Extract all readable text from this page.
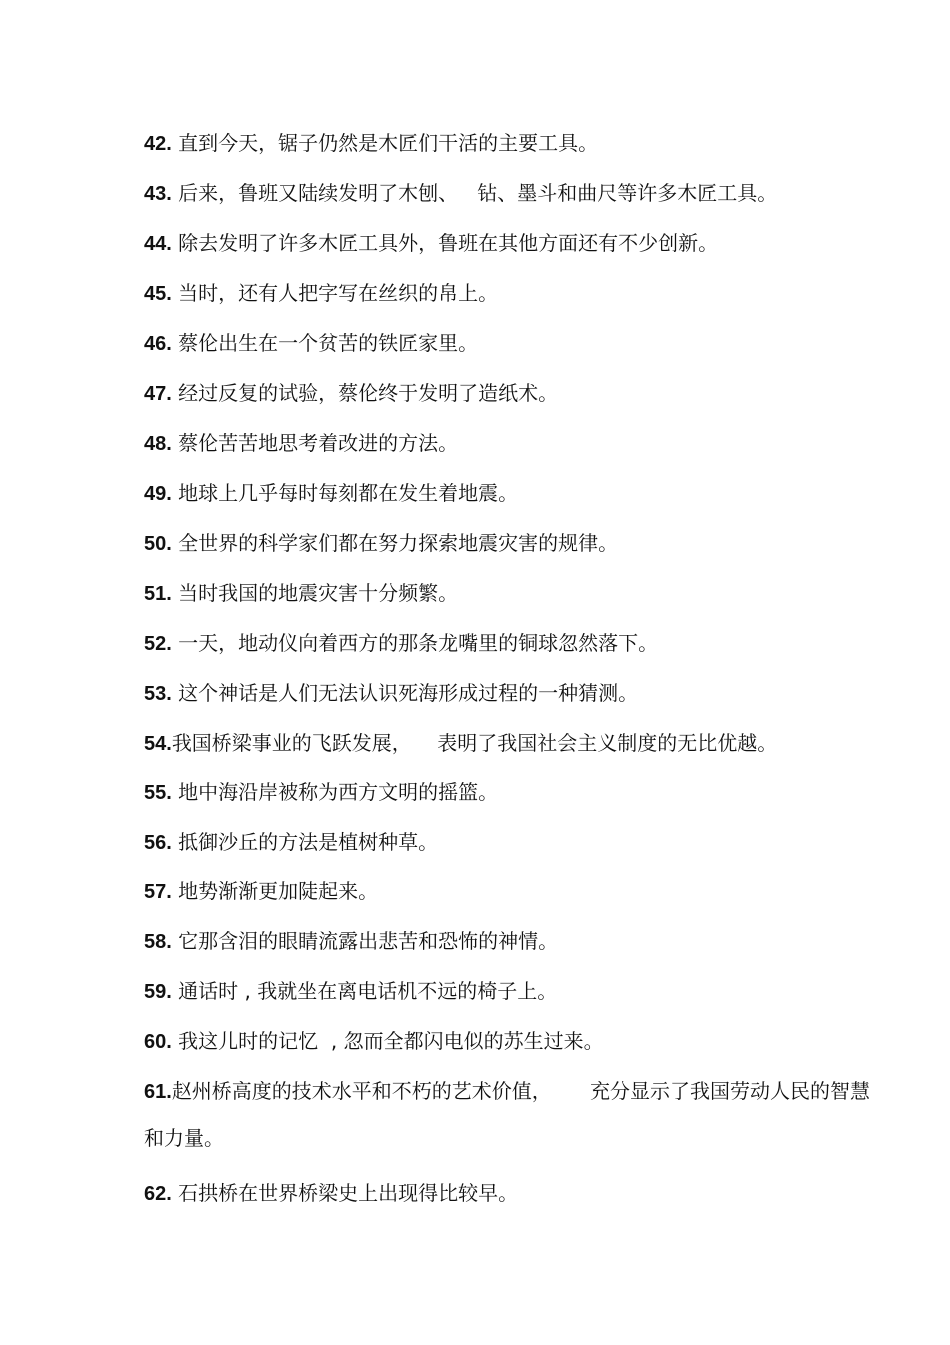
42. 直到今天，锯子仍然是木匠们干活的主要工具。
43. 后来，鲁班又陆续发明了木刨、   钻、墨斗和曲尺等许多木匠工具。
44. 除去发明了许多木匠工具外，鲁班在其他方面还有不少创新。
45. 当时，还有人把字写在丝织的帛上。
46. 蔡伦出生在一个贫苦的铁匠家里。
47. 经过反复的试验，蔡伦终于发明了造纸术。
48. 蔡伦苦苦地思考着改进的方法。
49. 地球上几乎每时每刻都在发生着地震。
50. 全世界的科学家们都在努力探索地震灾害的规律。
51. 当时我国的地震灾害十分频繁。
52. 一天，地动仪向着西方的那条龙嘴里的铜球忽然落下。
53. 这个神话是人们无法认识死海形成过程的一种猜测。
54.我国桥梁事业的飞跃发展，    表明了我国社会主义制度的无比优越。
55. 地中海沿岸被称为西方文明的摇篮。
56. 抵御沙丘的方法是植树种草。
57. 地势渐渐更加陡起来。
58. 它那含泪的眼睛流露出悲苦和恐怖的神情。
59. 通话时 , 我就坐在离电话机不远的椅子上。
60. 我这儿时的记忆  , 忽而全都闪电似的苏生过来。
61.赵州桥高度的技术水平和不朽的艺术价值，      充分显示了我国劳动人民的智慧和力量。
62. 石拱桥在世界桥梁史上出现得比较早。
